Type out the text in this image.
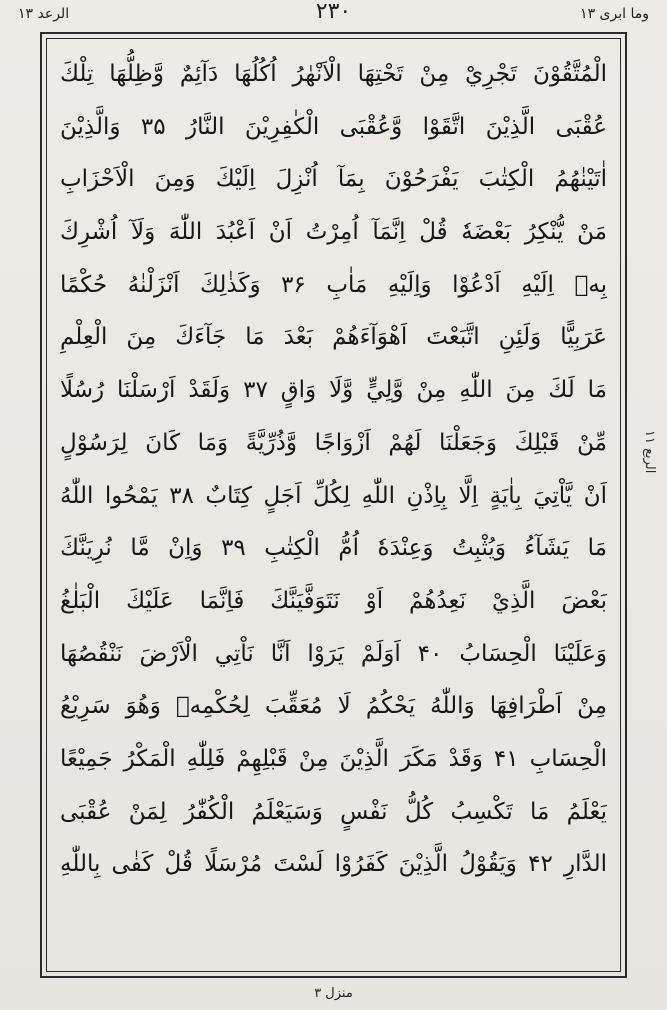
وما ابری ۱۳
۲۳۰
الرعد ۱۳
الْمُتَّقُوْنَ تَجْرِيْ مِنْ تَحْتِهَا الْاَنْهٰرُ اُكُلُهَا دَآئِمٌ وَّظِلُّهَا تِلْكَ
عُقْبَى الَّذِيْنَ اتَّقَوْا وَّعُقْبَى الْكٰفِرِيْنَ النَّارُ ۳۵ وَالَّذِيْنَ
اٰتَيْنٰهُمُ الْكِتٰبَ يَفْرَحُوْنَ بِمَآ اُنْزِلَ اِلَيْكَ وَمِنَ الْاَحْزَابِ
مَنْ يُّنْكِرُ بَعْضَهٗ قُلْ اِنَّمَآ اُمِرْتُ اَنْ اَعْبُدَ اللّٰهَ وَلَآ اُشْرِكَ
بِهٖ اِلَيْهِ اَدْعُوْا وَاِلَيْهِ مَاٰبِ ۳۶ وَكَذٰلِكَ اَنْزَلْنٰهُ حُكْمًا
عَرَبِيًّا وَلَئِنِ اتَّبَعْتَ اَهْوَآءَهُمْ بَعْدَ مَا جَآءَكَ مِنَ الْعِلْمِ
مَا لَكَ مِنَ اللّٰهِ مِنْ وَّلِيٍّ وَّلَا وَاقٍ ۳۷ وَلَقَدْ اَرْسَلْنَا رُسُلًا
مِّنْ قَبْلِكَ وَجَعَلْنَا لَهُمْ اَزْوَاجًا وَّذُرِّيَّةً وَمَا كَانَ لِرَسُوْلٍ
اَنْ يَّاْتِيَ بِاٰيَةٍ اِلَّا بِاِذْنِ اللّٰهِ لِكُلِّ اَجَلٍ كِتَابٌ ۳۸ يَمْحُوا اللّٰهُ
مَا يَشَآءُ وَيُثْبِتُ وَعِنْدَهٗ اُمُّ الْكِتٰبِ ۳۹ وَاِنْ مَّا نُرِيَنَّكَ
بَعْضَ الَّذِيْ نَعِدُهُمْ اَوْ نَتَوَفَّيَنَّكَ فَاِنَّمَا عَلَيْكَ الْبَلٰغُ
وَعَلَيْنَا الْحِسَابُ ۴۰ اَوَلَمْ يَرَوْا اَنَّا نَاْتِي الْاَرْضَ نَنْقُصُهَا
مِنْ اَطْرَافِهَا وَاللّٰهُ يَحْكُمُ لَا مُعَقِّبَ لِحُكْمِهٖ وَهُوَ سَرِيْعُ
الْحِسَابِ ۴۱ وَقَدْ مَكَرَ الَّذِيْنَ مِنْ قَبْلِهِمْ فَلِلّٰهِ الْمَكْرُ جَمِيْعًا
يَعْلَمُ مَا تَكْسِبُ كُلُّ نَفْسٍ وَسَيَعْلَمُ الْكُفّٰرُ لِمَنْ عُقْبَى
الدَّارِ ۴۲ وَيَقُوْلُ الَّذِيْنَ كَفَرُوْا لَسْتَ مُرْسَلًا قُلْ كَفٰى بِاللّٰهِ
الربع ۱۱
منزل ۳
